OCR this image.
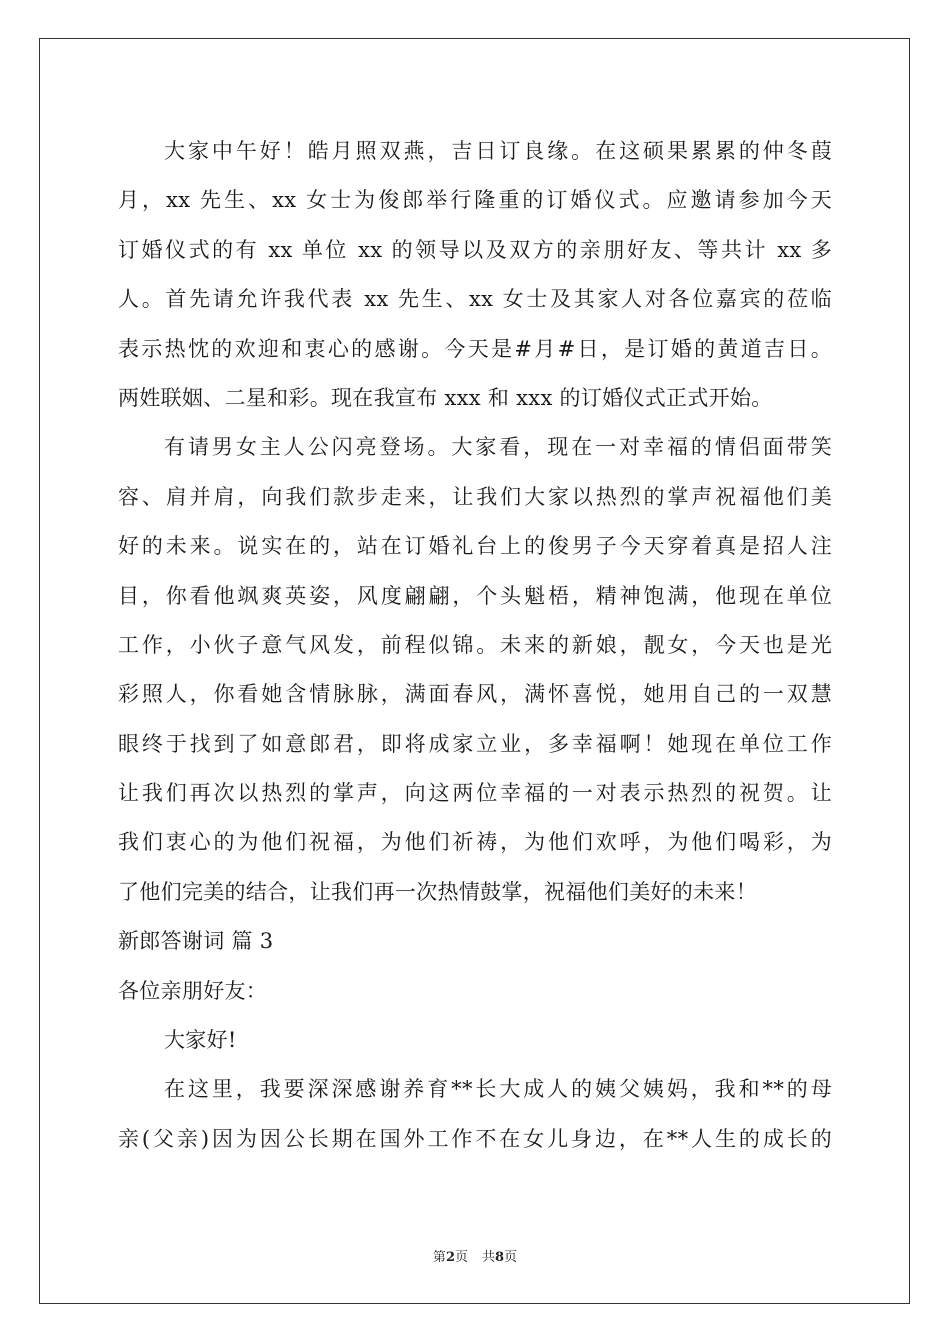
大家中午好！皓月照双燕，吉日订良缘。在这硕果累累的仲冬葭
月，xx 先生、xx 女士为俊郎举行隆重的订婚仪式。应邀请参加今天
订婚仪式的有 xx 单位 xx 的领导以及双方的亲朋好友、等共计 xx 多
人。首先请允许我代表 xx 先生、xx 女士及其家人对各位嘉宾的莅临
表示热忱的欢迎和衷心的感谢。今天是#月#日，是订婚的黄道吉日。
两姓联姻、二星和彩。现在我宣布 xxx 和 xxx 的订婚仪式正式开始。
有请男女主人公闪亮登场。大家看，现在一对幸福的情侣面带笑
容、肩并肩，向我们款步走来，让我们大家以热烈的掌声祝福他们美
好的未来。说实在的，站在订婚礼台上的俊男子今天穿着真是招人注
目，你看他飒爽英姿，风度翩翩，个头魁梧，精神饱满，他现在单位
工作，小伙子意气风发，前程似锦。未来的新娘，靓女，今天也是光
彩照人，你看她含情脉脉，满面春风，满怀喜悦，她用自己的一双慧
眼终于找到了如意郎君，即将成家立业，多幸福啊！她现在单位工作
让我们再次以热烈的掌声，向这两位幸福的一对表示热烈的祝贺。让
我们衷心的为他们祝福，为他们祈祷，为他们欢呼，为他们喝彩，为
了他们完美的结合，让我们再一次热情鼓掌，祝福他们美好的未来！
新郎答谢词 篇 3
各位亲朋好友：
大家好!
在这里，我要深深感谢养育**长大成人的姨父姨妈，我和**的母
亲(父亲)因为因公长期在国外工作不在女儿身边，在**人生的成长的
第2页 共8页
